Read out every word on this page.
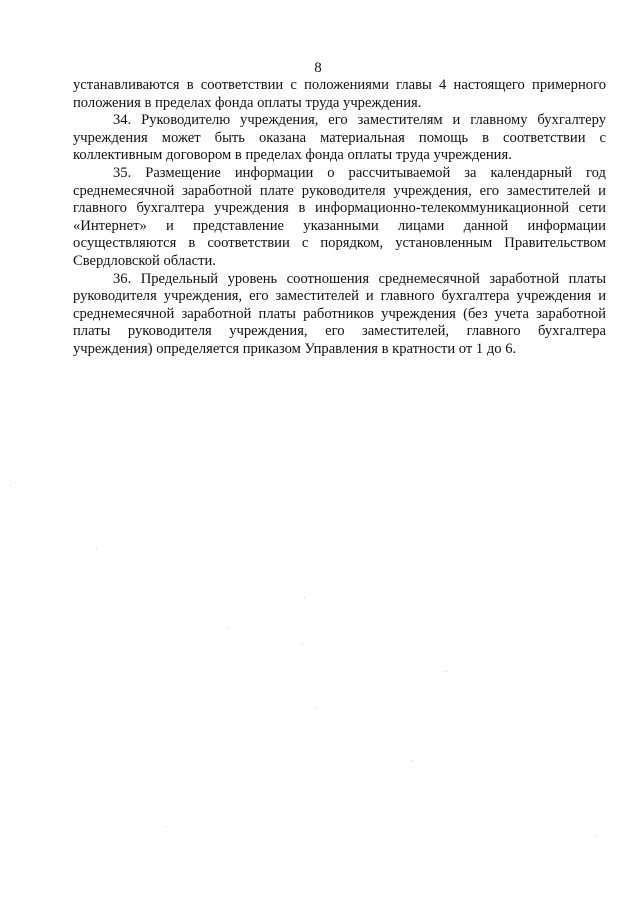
8

устанавливаются в соответствии с положениями главы 4 настоящего примерного положения в пределах фонда оплаты труда учреждения.

34. Руководителю учреждения, его заместителям и главному бухгалтеру учреждения может быть оказана материальная помощь в соответствии с коллективным договором в пределах фонда оплаты труда учреждения.

35. Размещение информации о рассчитываемой за календарный год среднемесячной заработной плате руководителя учреждения, его заместителей и главного бухгалтера учреждения в информационно-телекоммуникационной сети «Интернет» и представление указанными лицами данной информации осуществляются в соответствии с порядком, установленным Правительством Свердловской области.

36. Предельный уровень соотношения среднемесячной заработной платы руководителя учреждения, его заместителей и главного бухгалтера учреждения и среднемесячной заработной платы работников учреждения (без учета заработной платы руководителя учреждения, его заместителей, главного бухгалтера учреждения) определяется приказом Управления в кратности от 1 до 6.
